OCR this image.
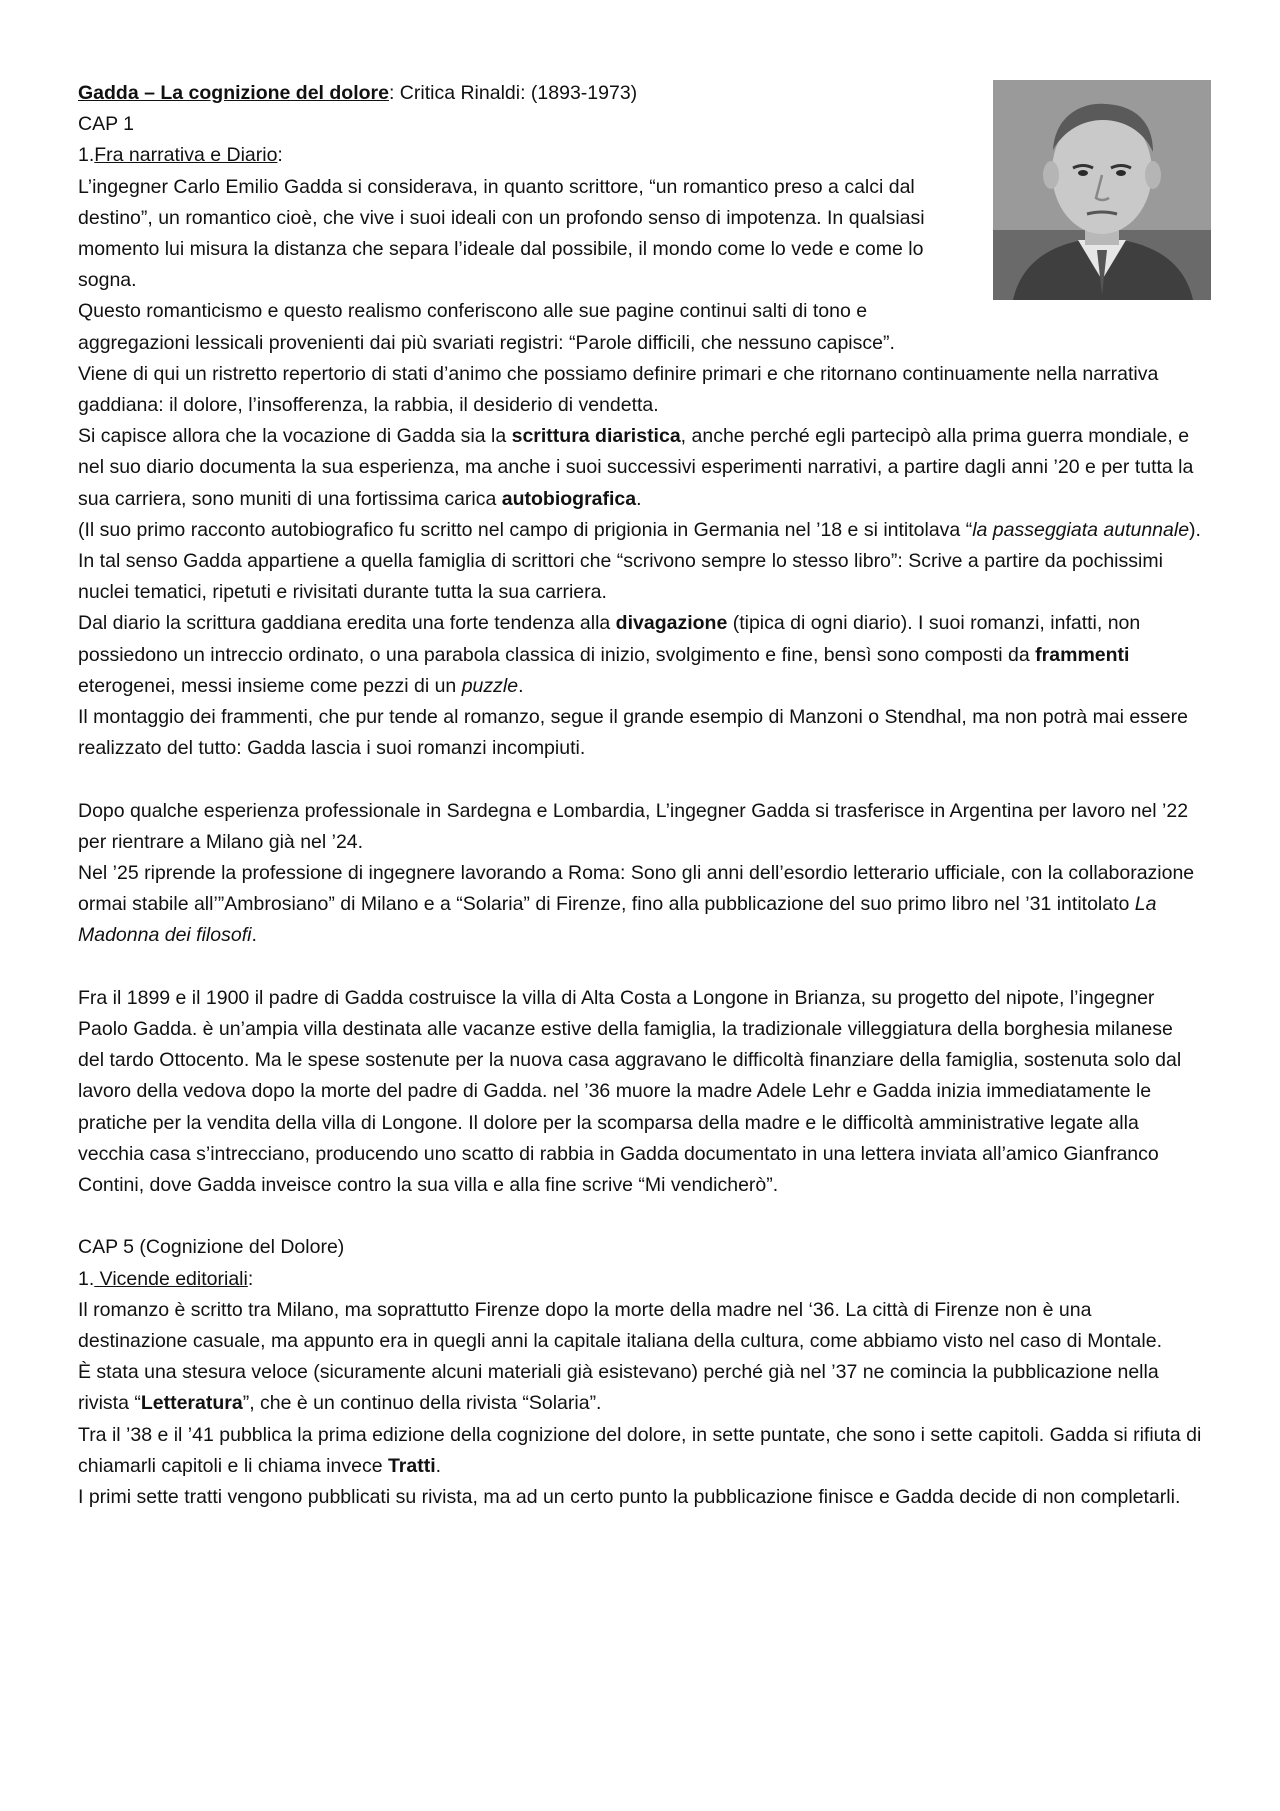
Gadda – La cognizione del dolore: Critica Rinaldi: (1893-1973)

CAP 1

1.Fra narrativa e Diario:

L’ingegner Carlo Emilio Gadda si considerava, in quanto scrittore, “un romantico preso a calci dal destino”, un romantico cioè, che vive i suoi ideali con un profondo senso di impotenza. In qualsiasi momento lui misura la distanza che separa l’ideale dal possibile, il mondo come lo vede e come lo sogna.

Questo romanticismo e questo realismo conferiscono alle sue pagine continui salti di tono e
aggregazioni lessicali provenienti dai più svariati registri: “Parole difficili, che nessuno capisce”.

Viene di qui un ristretto repertorio di stati d’animo che possiamo definire primari e che ritornano continuamente nella narrativa gaddiana: il dolore, l’insofferenza, la rabbia, il desiderio di vendetta.

Si capisce allora che la vocazione di Gadda sia la scrittura diaristica, anche perché egli partecipò alla prima guerra mondiale, e nel suo diario documenta la sua esperienza, ma anche i suoi successivi esperimenti narrativi, a partire dagli anni ’20 e per tutta la sua carriera, sono muniti di una fortissima carica autobiografica.

(Il suo primo racconto autobiografico fu scritto nel campo di prigionia in Germania nel ’18 e si intitolava “la passeggiata autunnale).

In tal senso Gadda appartiene a quella famiglia di scrittori che “scrivono sempre lo stesso libro”: Scrive a partire da pochissimi nuclei tematici, ripetuti e rivisitati durante tutta la sua carriera.

Dal diario la scrittura gaddiana eredita una forte tendenza alla divagazione (tipica di ogni diario). I suoi romanzi, infatti, non possiedono un intreccio ordinato, o una parabola classica di inizio, svolgimento e fine, bensì sono composti da frammenti eterogenei, messi insieme come pezzi di un puzzle.

Il montaggio dei frammenti, che pur tende al romanzo, segue il grande esempio di Manzoni o Stendhal, ma non potrà mai essere realizzato del tutto: Gadda lascia i suoi romanzi incompiuti.

Dopo qualche esperienza professionale in Sardegna e Lombardia, L’ingegner Gadda si trasferisce in Argentina per lavoro nel ’22 per rientrare a Milano già nel ’24.

Nel ’25 riprende la professione di ingegnere lavorando a Roma: Sono gli anni dell’esordio letterario ufficiale, con la collaborazione ormai stabile all’”Ambrosiano” di Milano e a “Solaria” di Firenze, fino alla pubblicazione del suo primo libro nel ’31 intitolato La Madonna dei filosofi.

Fra il 1899 e il 1900 il padre di Gadda costruisce la villa di Alta Costa a Longone in Brianza, su progetto del nipote, l’ingegner Paolo Gadda. è un’ampia villa destinata alle vacanze estive della famiglia, la tradizionale villeggiatura della borghesia milanese del tardo Ottocento. Ma le spese sostenute per la nuova casa aggravano le difficoltà finanziare della famiglia, sostenuta solo dal lavoro della vedova dopo la morte del padre di Gadda. nel ’36 muore la madre Adele Lehr e Gadda inizia immediatamente le pratiche per la vendita della villa di Longone. Il dolore per la scomparsa della madre e le difficoltà amministrative legate alla vecchia casa s’intrecciano, producendo uno scatto di rabbia in Gadda documentato in una lettera inviata all’amico Gianfranco Contini, dove Gadda inveisce contro la sua villa e alla fine scrive “Mi vendicherò”.

CAP 5 (Cognizione del Dolore)

1. Vicende editoriali:

Il romanzo è scritto tra Milano, ma soprattutto Firenze dopo la morte della madre nel ‘36. La città di Firenze non è una destinazione casuale, ma appunto era in quegli anni la capitale italiana della cultura, come abbiamo visto nel caso di Montale.

È stata una stesura veloce (sicuramente alcuni materiali già esistevano) perché già nel ’37 ne comincia la pubblicazione nella rivista “Letteratura”, che è un continuo della rivista “Solaria”.

Tra il ’38 e il ’41 pubblica la prima edizione della cognizione del dolore, in sette puntate, che sono i sette capitoli. Gadda si rifiuta di chiamarli capitoli e li chiama invece Tratti.

I primi sette tratti vengono pubblicati su rivista, ma ad un certo punto la pubblicazione finisce e Gadda decide di non completarli.
